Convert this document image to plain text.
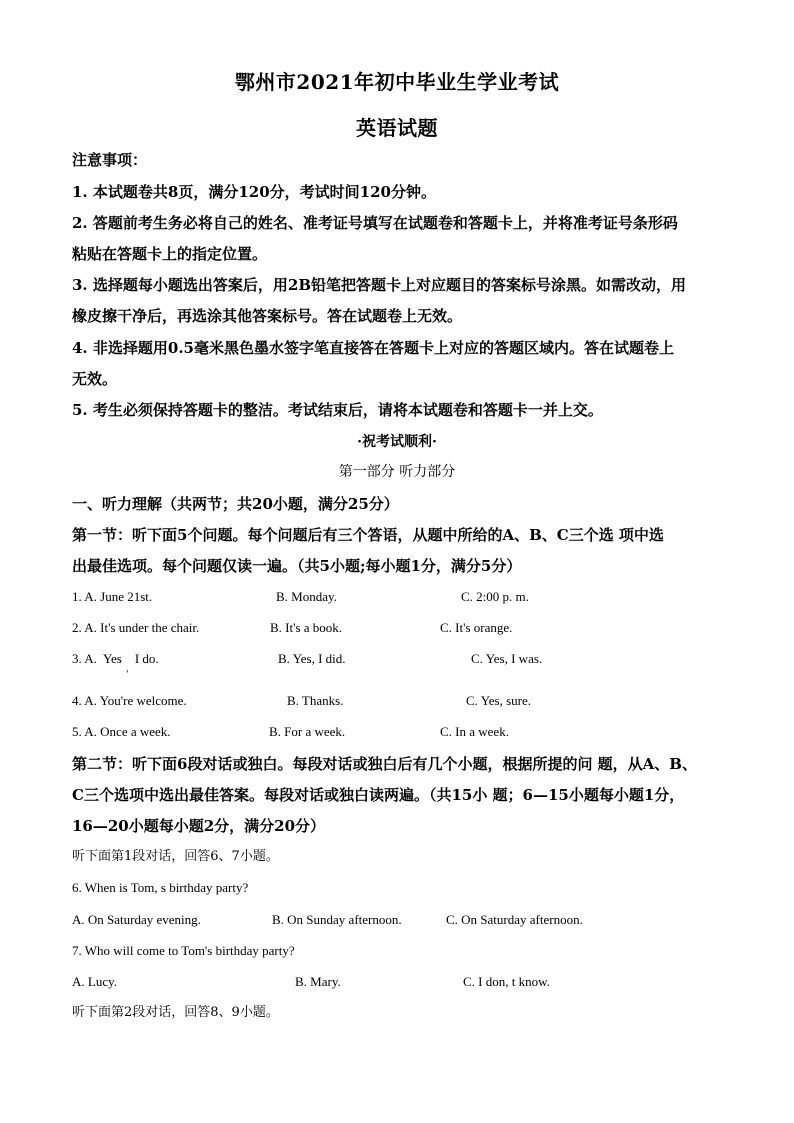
鄂州市2021年初中毕业生学业考试
英语试题
注意事项：
1. 本试题卷共8页，满分120分，考试时间120分钟。
2. 答题前考生务必将自己的姓名、准考证号填写在试题卷和答题卡上，并将准考证号条形码
粘贴在答题卡上的指定位置。
3. 选择题每小题选出答案后，用2B铅笔把答题卡上对应题目的答案标号涂黑。如需改动，用
橡皮擦干净后，再选涂其他答案标号。答在试题卷上无效。
4. 非选择题用0.5毫米黑色墨水签字笔直接答在答题卡上对应的答题区域内。答在试题卷上
无效。
5. 考生必须保持答题卡的整洁。考试结束后，请将本试题卷和答题卡一并上交。
·祝考试顺利·
第一部分 听力部分
一、听力理解（共两节；共20小题，满分25分）
第一节：听下面5个问题。每个问题后有三个答语，从题中所给的A、B、C三个选 项中选
出最佳选项。每个问题仅读一遍。（共5小题;每小题1分，满分5分）
1. A. June 21st.	B. Monday.	C. 2:00 p. m.
2. A. It's under the chair.	B. It's a book.	C. It's orange.
3. A.  Yes    I do.
'
B. Yes, I did.	C. Yes, I was.
4. A. You're welcome.	B. Thanks.	C. Yes, sure.
5. A. Once a week.	B. For a week.	C. In a week.
第二节：听下面6段对话或独白。每段对话或独白后有几个小题，根据所提的问 题，从A、B、
C三个选项中选出最佳答案。每段对话或独白读两遍。（共15小 题；6—15小题每小题1分，
16—20小题每小题2分，满分20分）
听下面第1段对话，回答6、7小题。
6. When is Tom, s birthday party?
A. On Saturday evening.	B. On Sunday afternoon.	C. On Saturday afternoon.
7. Who will come to Tom's birthday party?
A. Lucy.	B. Mary.	C. I don, t know.
听下面第2段对话，回答8、9小题。
